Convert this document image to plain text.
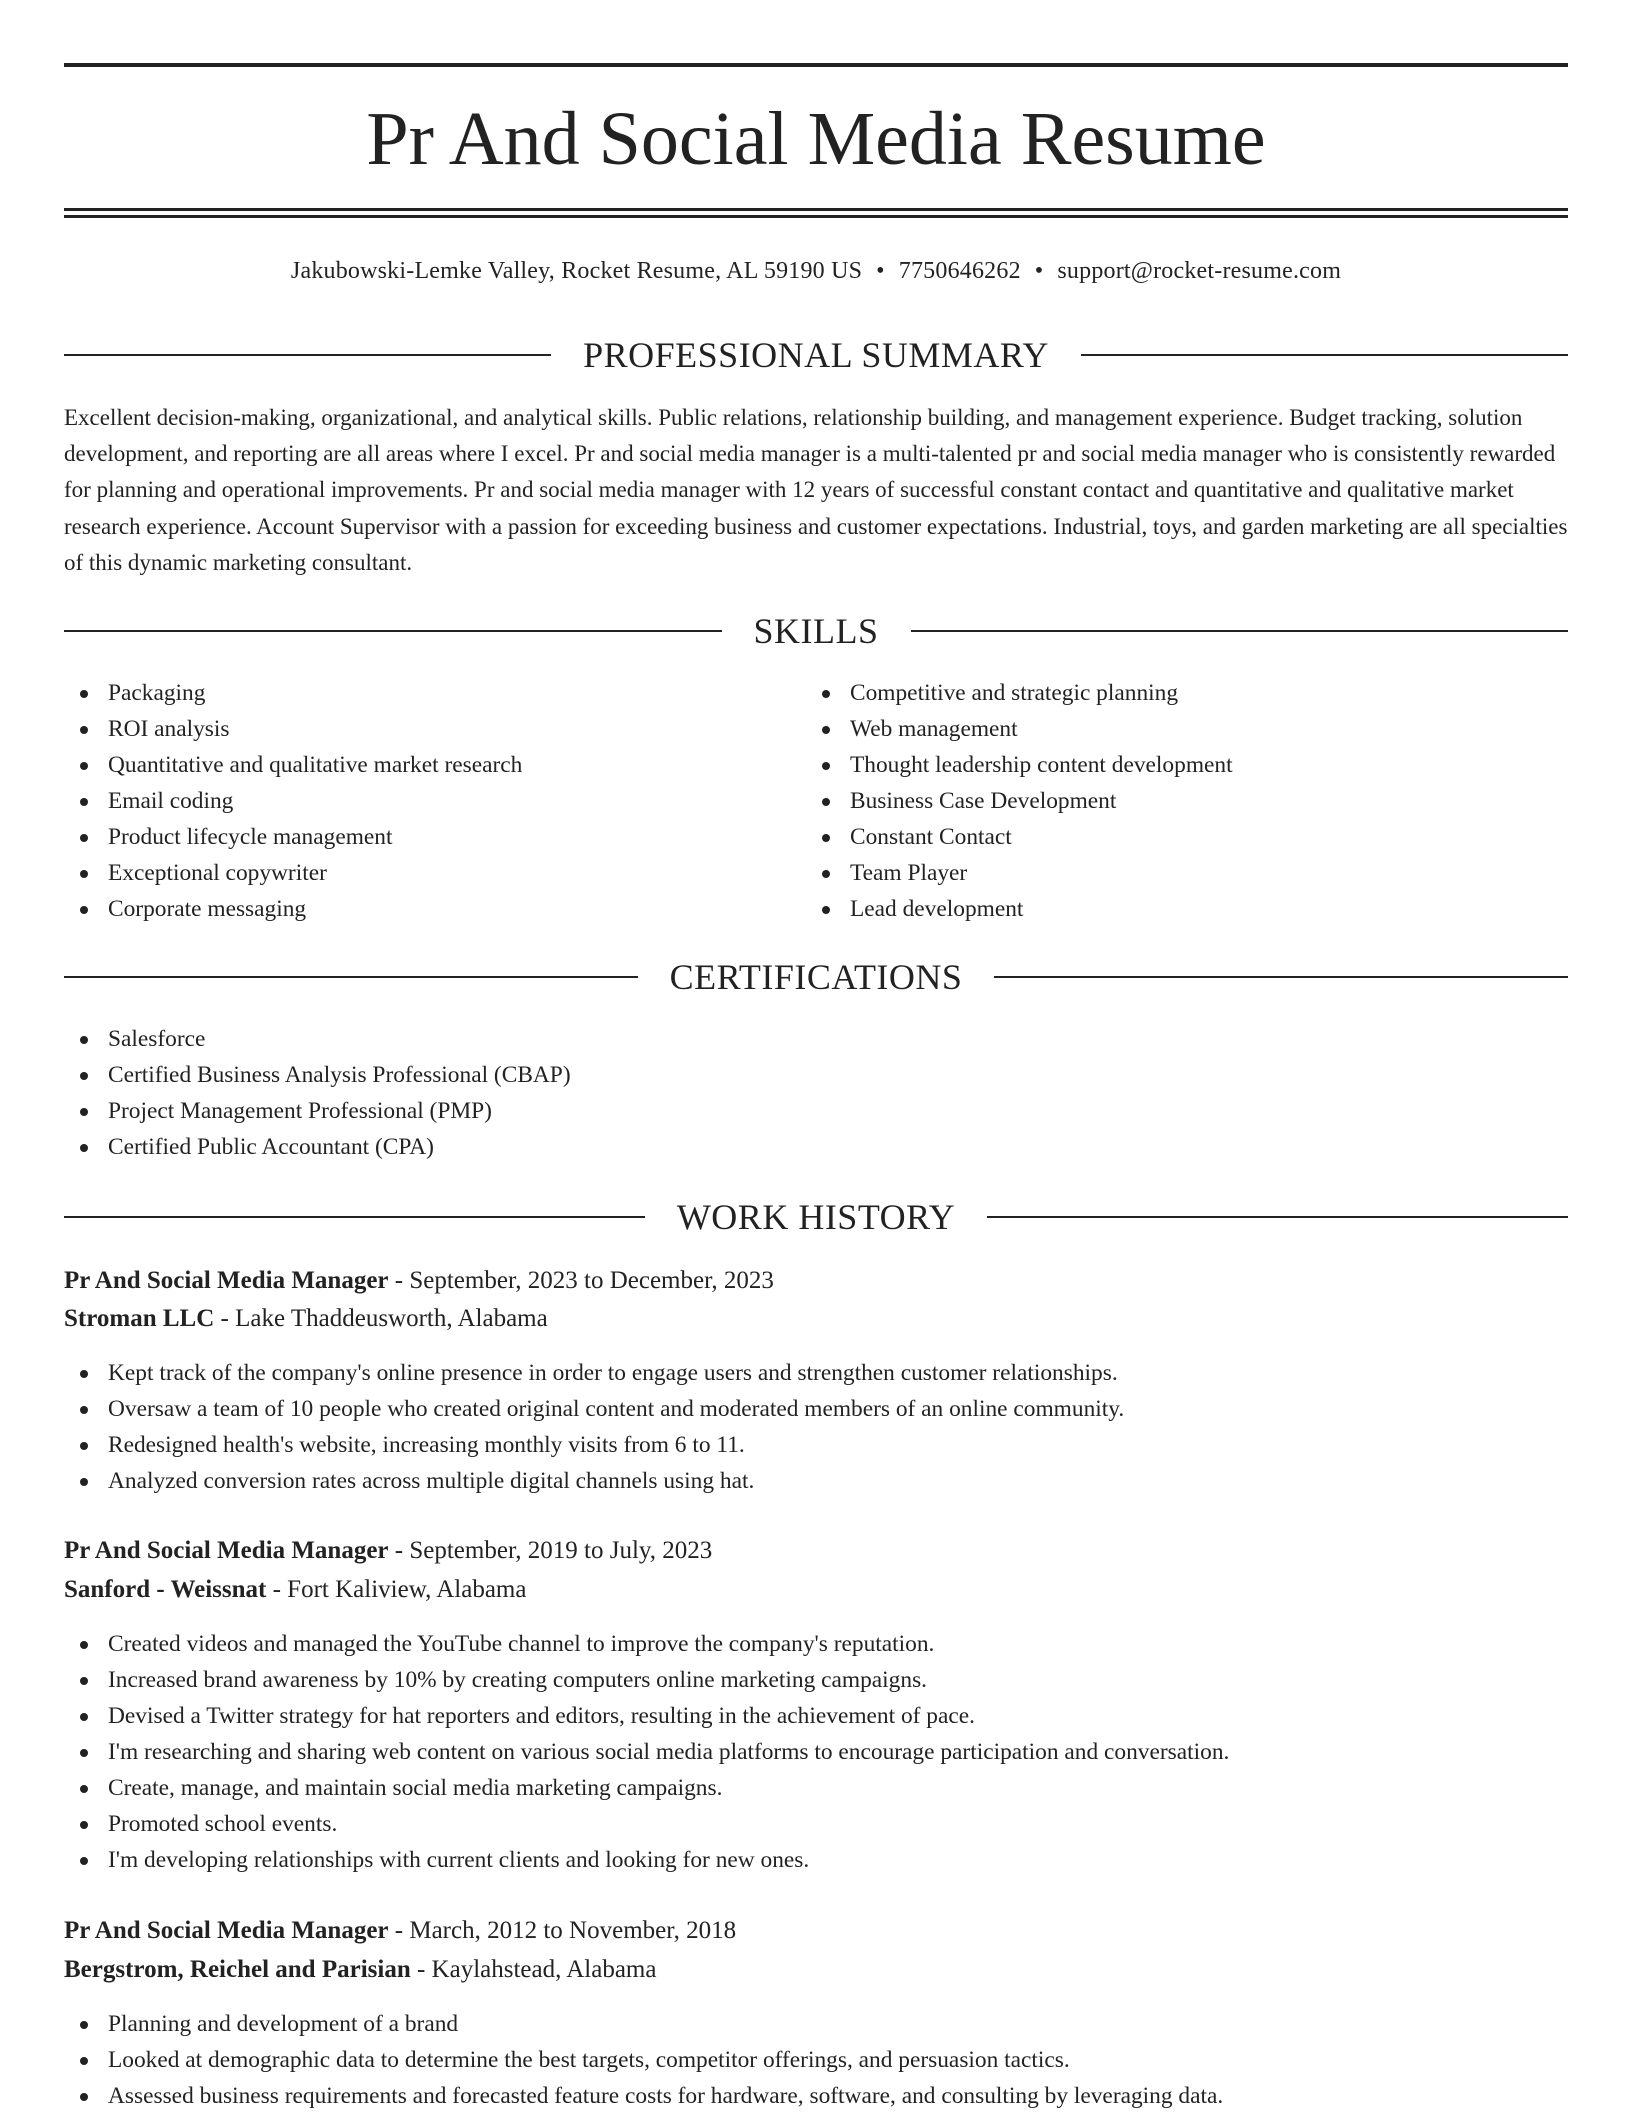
Pr And Social Media Resume
Jakubowski-Lemke Valley, Rocket Resume, AL 59190 US • 7750646262 • support@rocket-resume.com
PROFESSIONAL SUMMARY

Excellent decision-making, organizational, and analytical skills. Public relations, relationship building, and management experience. Budget tracking, solution development, and reporting are all areas where I excel. Pr and social media manager is a multi-talented pr and social media manager who is consistently rewarded for planning and operational improvements. Pr and social media manager with 12 years of successful constant contact and quantitative and qualitative market research experience. Account Supervisor with a passion for exceeding business and customer expectations. Industrial, toys, and garden marketing are all specialties of this dynamic marketing consultant.

SKILLS
Packaging
ROI analysis
Quantitative and qualitative market research
Email coding
Product lifecycle management
Exceptional copywriter
Corporate messaging
Competitive and strategic planning
Web management
Thought leadership content development
Business Case Development
Constant Contact
Team Player
Lead development
CERTIFICATIONS
Salesforce
Certified Business Analysis Professional (CBAP)
Project Management Professional (PMP)
Certified Public Accountant (CPA)
WORK HISTORY
Pr And Social Media Manager - September, 2023 to December, 2023
Stroman LLC - Lake Thaddeusworth, Alabama
Kept track of the company's online presence in order to engage users and strengthen customer relationships.
Oversaw a team of 10 people who created original content and moderated members of an online community.
Redesigned health's website, increasing monthly visits from 6 to 11.
Analyzed conversion rates across multiple digital channels using hat.
Pr And Social Media Manager - September, 2019 to July, 2023
Sanford - Weissnat - Fort Kaliview, Alabama
Created videos and managed the YouTube channel to improve the company's reputation.
Increased brand awareness by 10% by creating computers online marketing campaigns.
Devised a Twitter strategy for hat reporters and editors, resulting in the achievement of pace.
I'm researching and sharing web content on various social media platforms to encourage participation and conversation.
Create, manage, and maintain social media marketing campaigns.
Promoted school events.
I'm developing relationships with current clients and looking for new ones.
Pr And Social Media Manager - March, 2012 to November, 2018
Bergstrom, Reichel and Parisian - Kaylahstead, Alabama
Planning and development of a brand
Looked at demographic data to determine the best targets, competitor offerings, and persuasion tactics.
Assessed business requirements and forecasted feature costs for hardware, software, and consulting by leveraging data.
